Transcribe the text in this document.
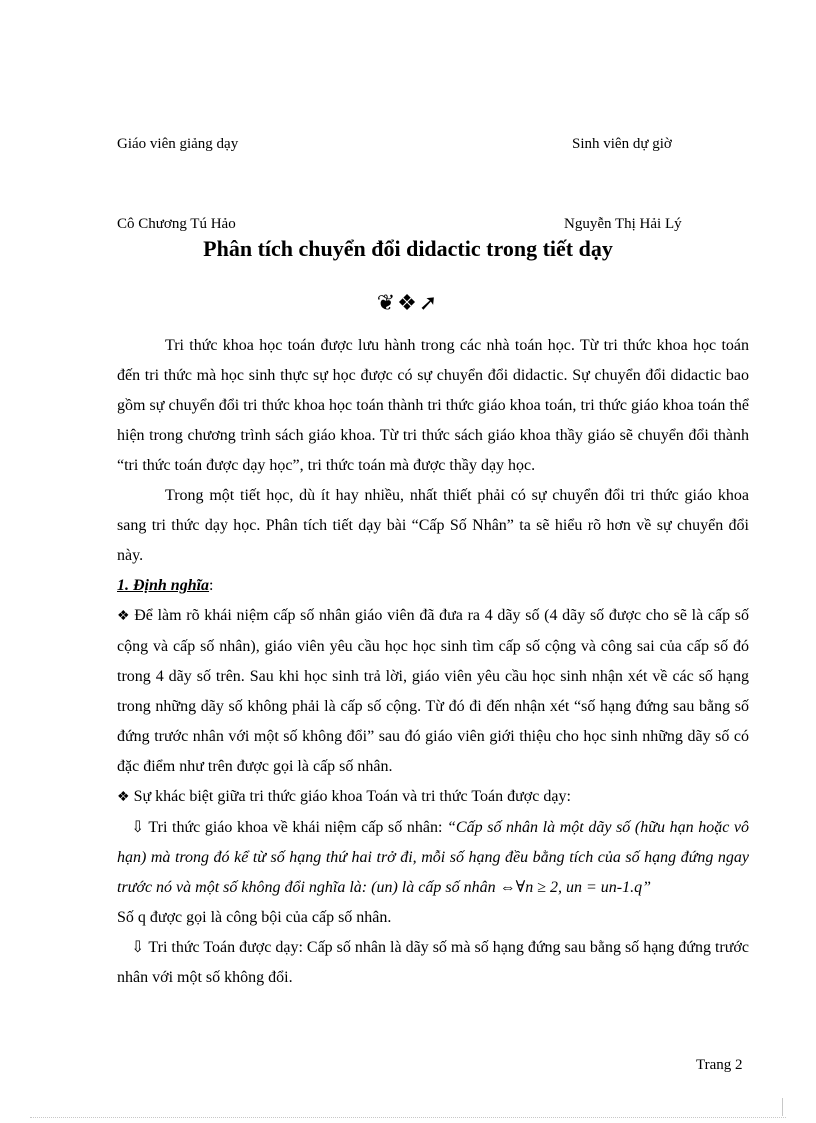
Giáo viên giảng dạy	Sinh viên dự giờ
Cô Chương Tú Hảo	Nguyễn Thị Hải Lý
Phân tích chuyển đổi didactic trong tiết dạy
❦❖➚

Tri thức khoa học toán được lưu hành trong các nhà toán học. Từ tri thức khoa học toán đến tri thức mà học sinh thực sự học được có sự chuyển đổi didactic. Sự chuyển đổi didactic bao gồm sự chuyển đổi tri thức khoa học toán thành tri thức giáo khoa toán, tri thức giáo khoa toán thể hiện trong chương trình sách giáo khoa. Từ tri thức sách giáo khoa thầy giáo sẽ chuyển đổi thành “tri thức toán được dạy học”, tri thức toán mà được thầy dạy học.

Trong một tiết học, dù ít hay nhiều, nhất thiết phải có sự chuyển đổi tri thức giáo khoa sang tri thức dạy học. Phân tích tiết dạy bài “Cấp Số Nhân” ta sẽ hiểu rõ hơn về sự chuyển đổi này.

1. Định nghĩa:

❖ Để làm rõ khái niệm cấp số nhân giáo viên đã đưa ra 4 dãy số (4 dãy số được cho sẽ là cấp số cộng và cấp số nhân), giáo viên yêu cầu học học sinh tìm cấp số cộng và công sai của cấp số đó trong 4 dãy số trên. Sau khi học sinh trả lời, giáo viên yêu cầu học sinh nhận xét về các số hạng trong những dãy số không phải là cấp số cộng. Từ đó đi đến nhận xét “số hạng đứng sau bằng số đứng trước nhân với một số không đổi” sau đó giáo viên giới thiệu cho học sinh những dãy số có đặc điểm như trên được gọi là cấp số nhân.

❖ Sự khác biệt giữa tri thức giáo khoa Toán và tri thức Toán được dạy:

⇩ Tri thức giáo khoa về khái niệm cấp số nhân: “Cấp số nhân là một dãy số (hữu hạn hoặc vô hạn) mà trong đó kể từ số hạng thứ hai trở đi, mỗi số hạng đều bằng tích của số hạng đứng ngay trước nó và một số không đổi nghĩa là: (un) là cấp số nhân ⇔∀n ≥ 2, un = un-1.q”

Số q được gọi là công bội của cấp số nhân.

⇩ Tri thức Toán được dạy: Cấp số nhân là dãy số mà số hạng đứng sau bằng số hạng đứng trước nhân với một số không đổi.

Trang 2
